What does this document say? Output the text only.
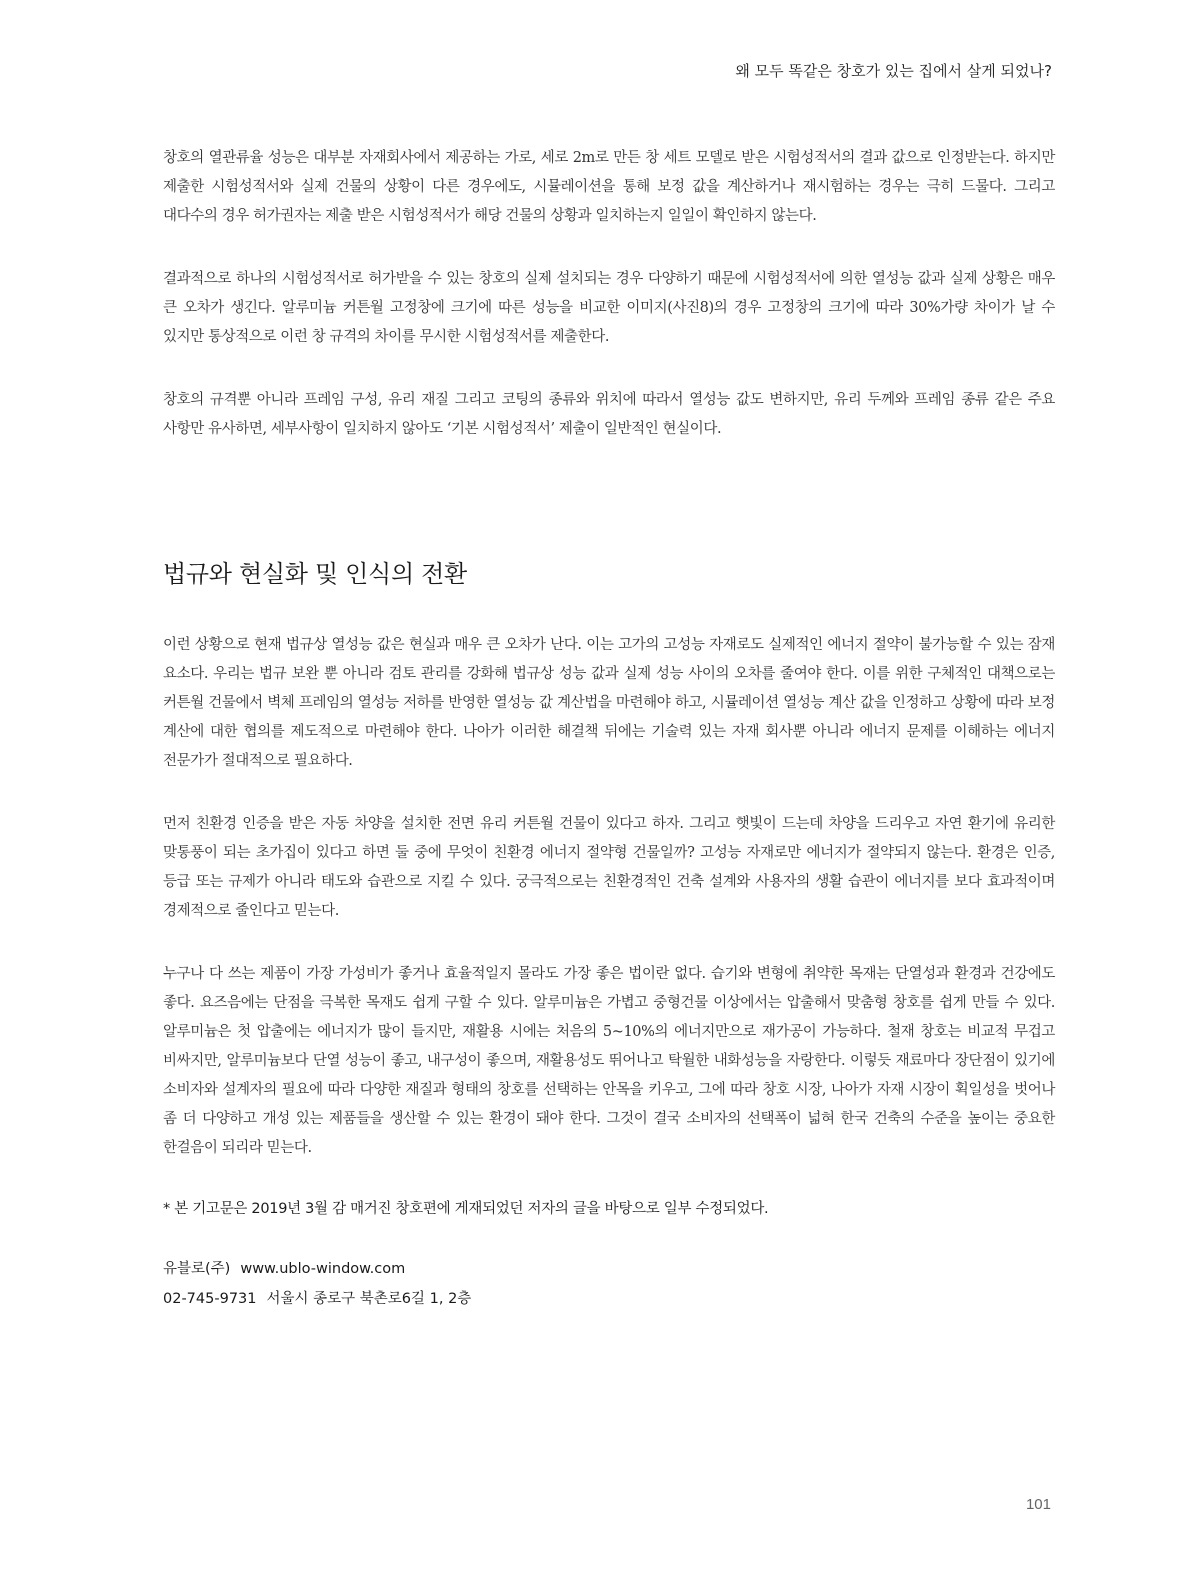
왜 모두 똑같은 창호가 있는 집에서 살게 되었나?

창호의 열관류율 성능은 대부분 자재회사에서 제공하는 가로, 세로 2m로 만든 창 세트 모델로 받은 시험성적서의 결과 값으로 인정받는다. 하지만 제출한 시험성적서와 실제 건물의 상황이 다른 경우에도, 시뮬레이션을 통해 보정 값을 계산하거나 재시험하는 경우는 극히 드물다. 그리고 대다수의 경우 허가권자는 제출 받은 시험성적서가 해당 건물의 상황과 일치하는지 일일이 확인하지 않는다.

결과적으로 하나의 시험성적서로 허가받을 수 있는 창호의 실제 설치되는 경우 다양하기 때문에 시험성적서에 의한 열성능 값과 실제 상황은 매우 큰 오차가 생긴다. 알루미늄 커튼월 고정창에 크기에 따른 성능을 비교한 이미지(사진8)의 경우 고정창의 크기에 따라 30%가량 차이가 날 수 있지만 통상적으로 이런 창 규격의 차이를 무시한 시험성적서를 제출한다.

창호의 규격뿐 아니라 프레임 구성, 유리 재질 그리고 코팅의 종류와 위치에 따라서 열성능 값도 변하지만, 유리 두께와 프레임 종류 같은 주요 사항만 유사하면, 세부사항이 일치하지 않아도 ‘기본 시험성적서’ 제출이 일반적인 현실이다.

법규와 현실화 및 인식의 전환

이런 상황으로 현재 법규상 열성능 값은 현실과 매우 큰 오차가 난다. 이는 고가의 고성능 자재로도 실제적인 에너지 절약이 불가능할 수 있는 잠재 요소다. 우리는 법규 보완 뿐 아니라 검토 관리를 강화해 법규상 성능 값과 실제 성능 사이의 오차를 줄여야 한다. 이를 위한 구체적인 대책으로는 커튼월 건물에서 벽체 프레임의 열성능 저하를 반영한 열성능 값 계산법을 마련해야 하고, 시뮬레이션 열성능 계산 값을 인정하고 상황에 따라 보정 계산에 대한 협의를 제도적으로 마련해야 한다. 나아가 이러한 해결책 뒤에는 기술력 있는 자재 회사뿐 아니라 에너지 문제를 이해하는 에너지 전문가가 절대적으로 필요하다.

먼저 친환경 인증을 받은 자동 차양을 설치한 전면 유리 커튼월 건물이 있다고 하자. 그리고 햇빛이 드는데 차양을 드리우고 자연 환기에 유리한 맞통풍이 되는 초가집이 있다고 하면 둘 중에 무엇이 친환경 에너지 절약형 건물일까? 고성능 자재로만 에너지가 절약되지 않는다. 환경은 인증, 등급 또는 규제가 아니라 태도와 습관으로 지킬 수 있다. 궁극적으로는 친환경적인 건축 설계와 사용자의 생활 습관이 에너지를 보다 효과적이며 경제적으로 줄인다고 믿는다.

누구나 다 쓰는 제품이 가장 가성비가 좋거나 효율적일지 몰라도 가장 좋은 법이란 없다. 습기와 변형에 취약한 목재는 단열성과 환경과 건강에도 좋다. 요즈음에는 단점을 극복한 목재도 쉽게 구할 수 있다. 알루미늄은 가볍고 중형건물 이상에서는 압출해서 맞춤형 창호를 쉽게 만들 수 있다. 알루미늄은 첫 압출에는 에너지가 많이 들지만, 재활용 시에는 처음의 5~10%의 에너지만으로 재가공이 가능하다. 철재 창호는 비교적 무겁고 비싸지만, 알루미늄보다 단열 성능이 좋고, 내구성이 좋으며, 재활용성도 뛰어나고 탁월한 내화성능을 자랑한다. 이렇듯 재료마다 장단점이 있기에 소비자와 설계자의 필요에 따라 다양한 재질과 형태의 창호를 선택하는 안목을 키우고, 그에 따라 창호 시장, 나아가 자재 시장이 획일성을 벗어나 좀 더 다양하고 개성 있는 제품들을 생산할 수 있는 환경이 돼야 한다. 그것이 결국 소비자의 선택폭이 넓혀 한국 건축의 수준을 높이는 중요한 한걸음이 되리라 믿는다.

* 본 기고문은 2019년 3월 감 매거진 창호편에 게재되었던 저자의 글을 바탕으로 일부 수정되었다.
유블로(주) www.ublo-window.com
02-745-9731 서울시 종로구 북촌로6길 1, 2층
101
